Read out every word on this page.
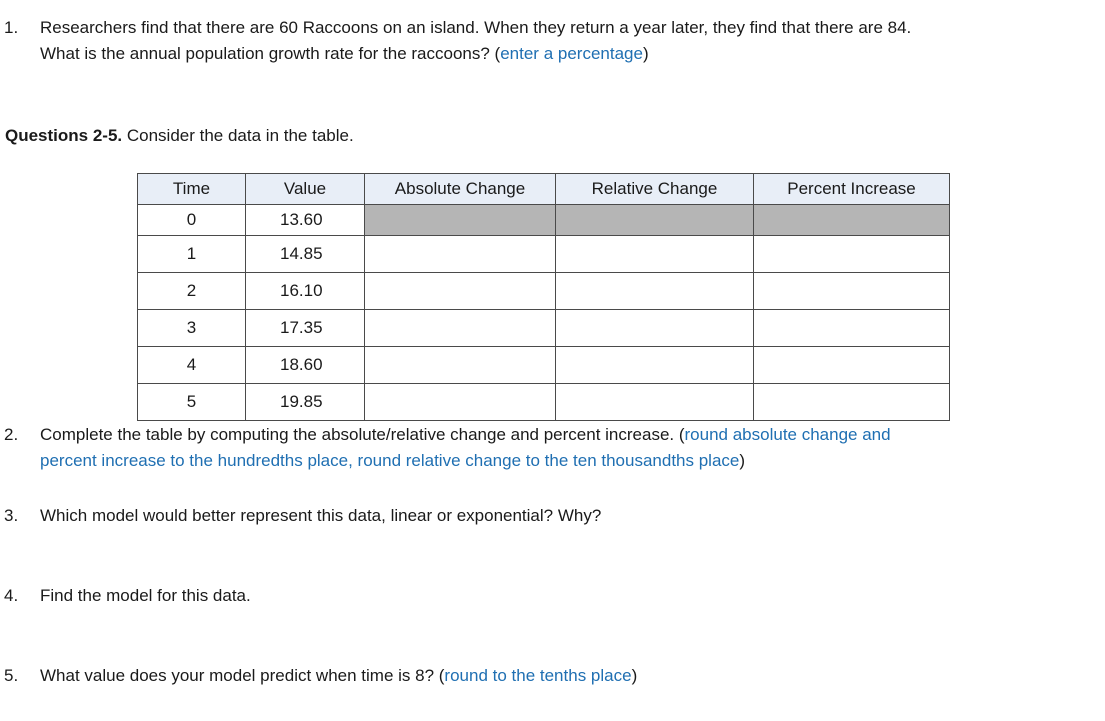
1. Researchers find that there are 60 Raccoons on an island. When they return a year later, they find that there are 84.
What is the annual population growth rate for the raccoons? (enter a percentage)
Questions 2-5. Consider the data in the table.
Time	Value	Absolute Change	Relative Change	Percent Increase
0	13.60			
1	14.85			
2	16.10			
3	17.35			
4	18.60			
5	19.85			
2. Complete the table by computing the absolute/relative change and percent increase. (round absolute change and
percent increase to the hundredths place, round relative change to the ten thousandths place)
3. Which model would better represent this data, linear or exponential? Why?
4. Find the model for this data.
5. What value does your model predict when time is 8? (round to the tenths place)
